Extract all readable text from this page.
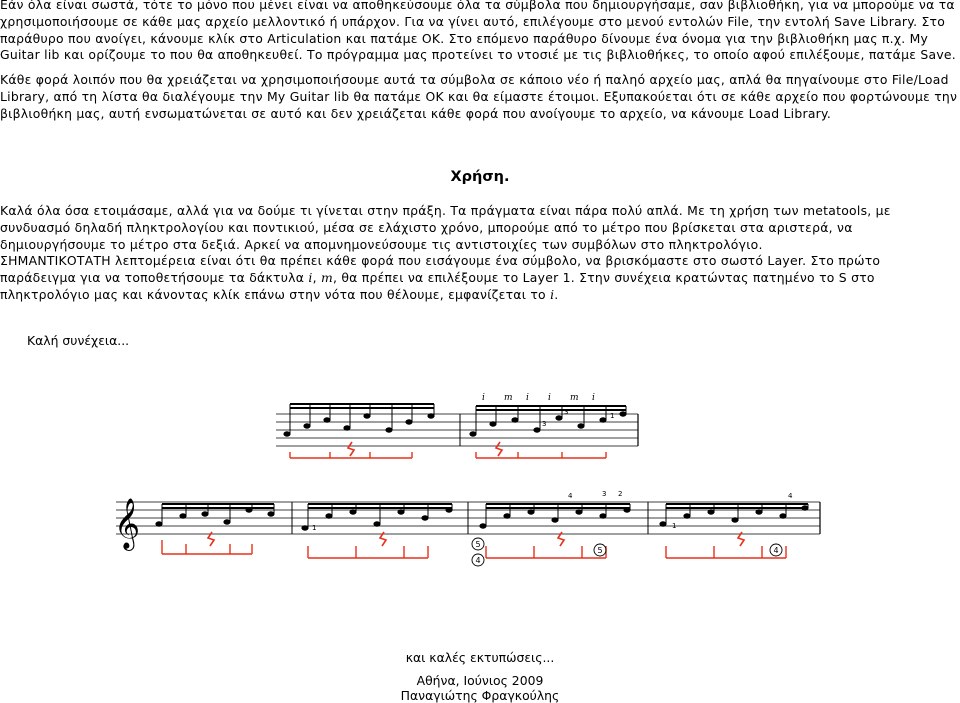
Εάν όλα είναι σωστά, τότε το μόνο που μένει είναι να αποθηκεύσουμε όλα τα σύμβολα που δημιουργήσαμε, σαν βιβλιοθήκη, για να μπορούμε να τα χρησιμοποιήσουμε σε κάθε μας αρχείο μελλοντικό ή υπάρχον. Για να γίνει αυτό, επιλέγουμε στο μενού εντολών File, την εντολή Save Library. Στο παράθυρο που ανοίγει, κάνουμε κλίκ στο Articulation και πατάμε ΟΚ. Στο επόμενο παράθυρο δίνουμε ένα όνομα για την βιβλιοθήκη μας π.χ. My Guitar lib και ορίζουμε το που θα αποθηκευθεί. Το πρόγραμμα μας προτείνει το ντοσιέ με τις βιβλιοθήκες, το οποίο αφού επιλέξουμε, πατάμε Save.

Κάθε φορά λοιπόν που θα χρειάζεται να χρησιμοποιήσουμε αυτά τα σύμβολα σε κάποιο νέο ή παληό αρχείο μας, απλά θα πηγαίνουμε στο File/Load Library, από τη λίστα θα διαλέγουμε την My Guitar lib θα πατάμε ΟΚ και θα είμαστε έτοιμοι. Εξυπακούεται ότι σε κάθε αρχείο που φορτώνουμε την βιβλιοθήκη μας, αυτή ενσωματώνεται σε αυτό και δεν χρειάζεται κάθε φορά που ανοίγουμε το αρχείο, να κάνουμε Load Library.

Χρήση.

Καλά όλα όσα ετοιμάσαμε, αλλά για να δούμε τι γίνεται στην πράξη. Τα πράγματα είναι πάρα πολύ απλά. Με τη χρήση των metatools, με συνδυασμό δηλαδή πληκτρολογίου και ποντικιού, μέσα σε ελάχιστο χρόνο, μπορούμε από το μέτρο που βρίσκεται στα αριστερά, να δημιουργήσουμε το μέτρο στα δεξιά. Αρκεί να απομνημονεύσουμε τις αντιστοιχίες των συμβόλων στο πληκτρολόγιο.

ΣΗΜΑΝΤΙΚΟΤΑΤΗ λεπτομέρεια είναι ότι θα πρέπει κάθε φορά που εισάγουμε ένα σύμβολο, να βρισκόμαστε στο σωστό Layer. Στο πρώτο παράδειγμα για να τοποθετήσουμε τα δάκτυλα i, m, θα πρέπει να επιλέξουμε το Layer 1. Στην συνέχεια κρατώντας πατημένο το S στο πληκτρολόγιο μας και κάνοντας κλίκ επάνω στην νότα που θέλουμε, εμφανίζεται το i.

Καλή συνέχεια...
i m i i m i
3
3	1
𝄞	5
4
5	4
1
4	3 2
1
4
και καλές εκτυπώσεις...
Αθήνα, Ιούνιος 2009
Παναγιώτης Φραγκούλης
